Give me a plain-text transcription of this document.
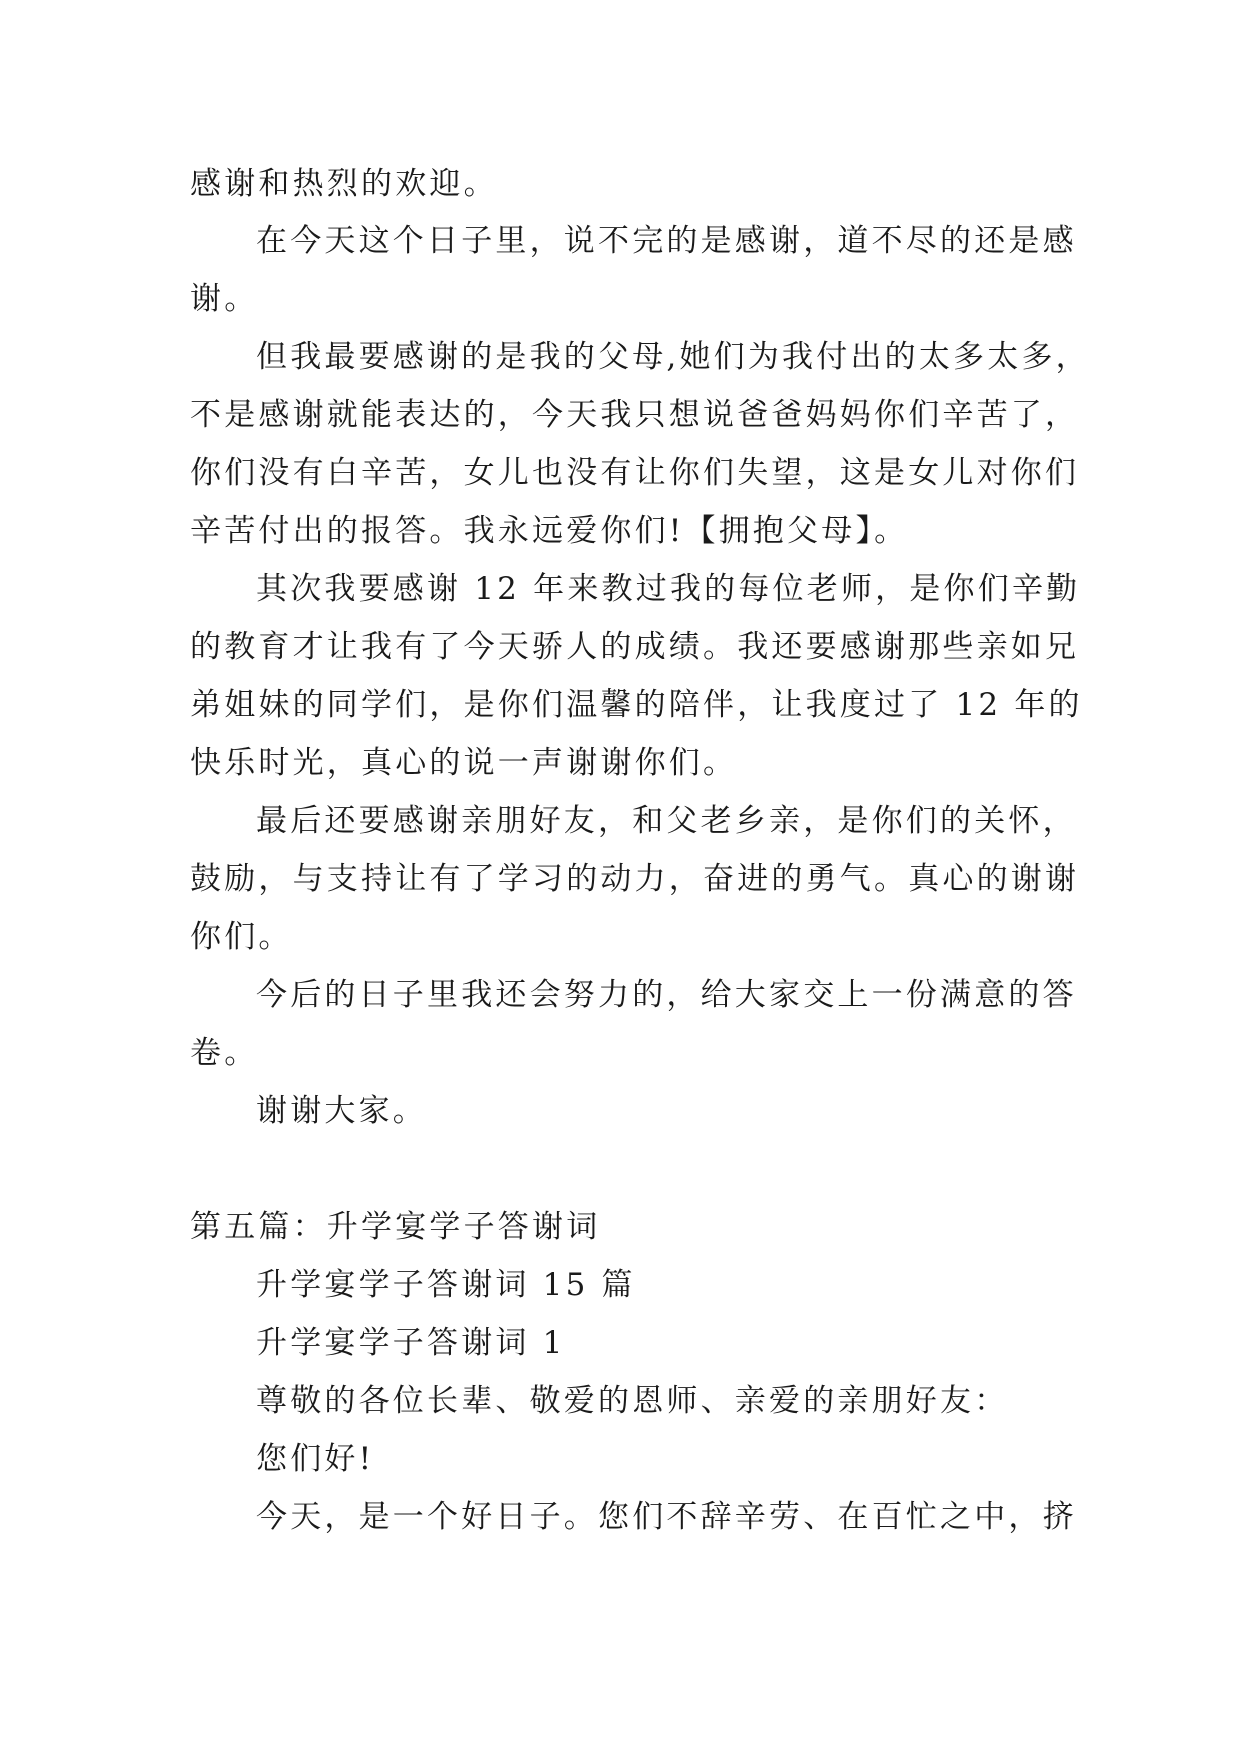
感谢和热烈的欢迎。
在今天这个日子里，说不完的是感谢，道不尽的还是感
谢。
但我最要感谢的是我的父母,她们为我付出的太多太多，
不是感谢就能表达的，今天我只想说爸爸妈妈你们辛苦了，
你们没有白辛苦，女儿也没有让你们失望，这是女儿对你们
辛苦付出的报答。我永远爱你们!【拥抱父母】。
其次我要感谢 12 年来教过我的每位老师，是你们辛勤
的教育才让我有了今天骄人的成绩。我还要感谢那些亲如兄
弟姐妹的同学们，是你们温馨的陪伴，让我度过了 12 年的
快乐时光，真心的说一声谢谢你们。
最后还要感谢亲朋好友，和父老乡亲，是你们的关怀，
鼓励，与支持让有了学习的动力，奋进的勇气。真心的谢谢
你们。
今后的日子里我还会努力的，给大家交上一份满意的答
卷。
谢谢大家。
第五篇：升学宴学子答谢词
升学宴学子答谢词 15 篇
升学宴学子答谢词 1
尊敬的各位长辈、敬爱的恩师、亲爱的亲朋好友：
您们好!
今天，是一个好日子。您们不辞辛劳、在百忙之中，挤
